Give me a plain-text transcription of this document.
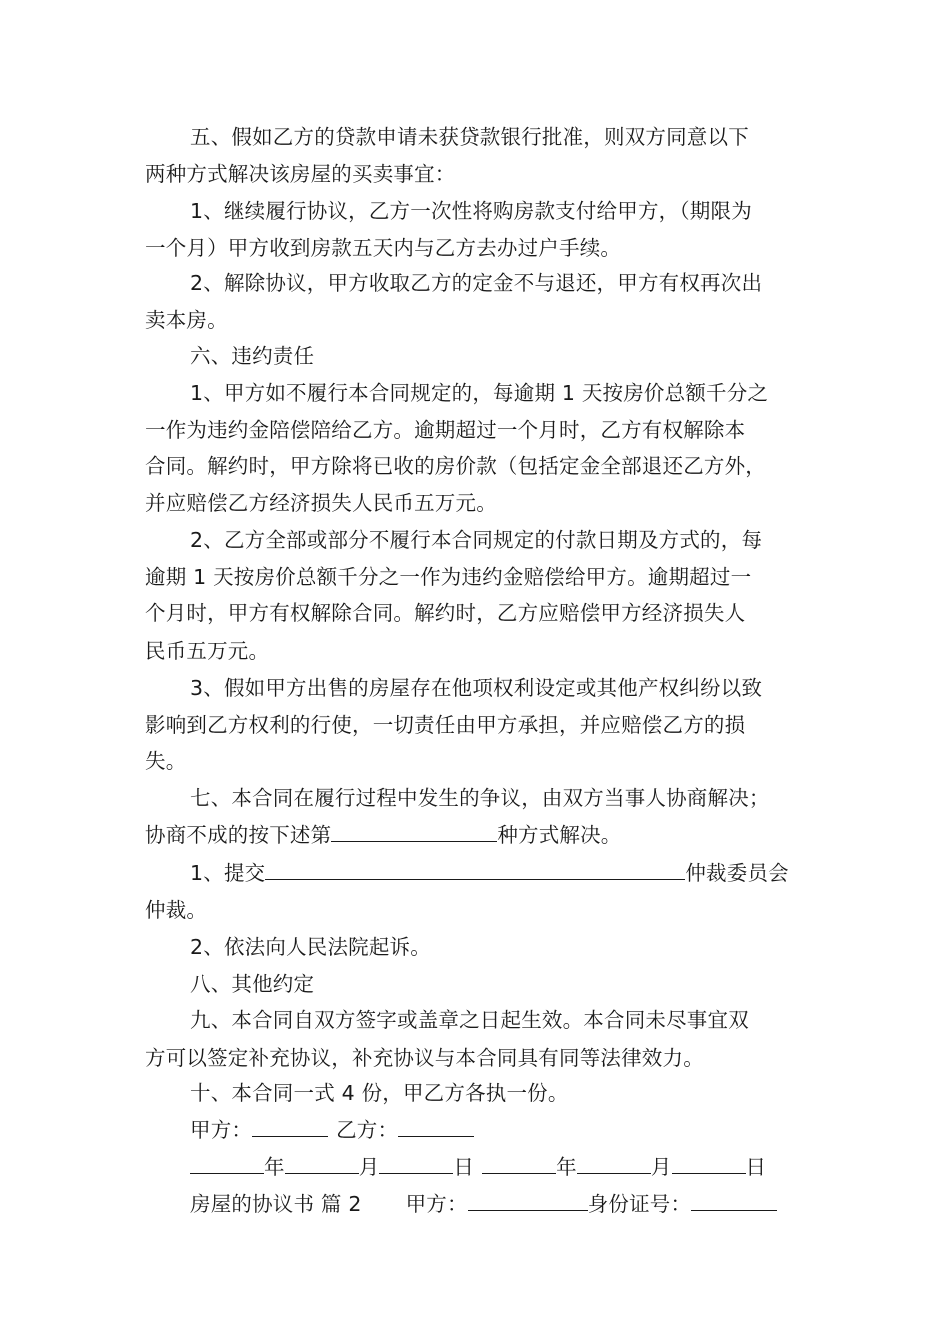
五、假如乙方的贷款申请未获贷款银行批准，则双方同意以下
两种方式解决该房屋的买卖事宜：
1、继续履行协议，乙方一次性将购房款支付给甲方，（期限为
一个月）甲方收到房款五天内与乙方去办过户手续。
2、解除协议，甲方收取乙方的定金不与退还，甲方有权再次出
卖本房。
六、违约责任
1、甲方如不履行本合同规定的，每逾期 1 天按房价总额千分之
一作为违约金陪偿陪给乙方。逾期超过一个月时，乙方有权解除本
合同。解约时，甲方除将已收的房价款（包括定金全部退还乙方外，
并应赔偿乙方经济损失人民币五万元。
2、乙方全部或部分不履行本合同规定的付款日期及方式的，每
逾期 1 天按房价总额千分之一作为违约金赔偿给甲方。逾期超过一
个月时，甲方有权解除合同。解约时，乙方应赔偿甲方经济损失人
民币五万元。
3、假如甲方出售的房屋存在他项权利设定或其他产权纠纷以致
影响到乙方权利的行使，一切责任由甲方承担，并应赔偿乙方的损
失。
七、本合同在履行过程中发生的争议，由双方当事人协商解决；
协商不成的按下述第	种方式解决。
1、提交	仲裁委员会
仲裁。
2、依法向人民法院起诉。
八、其他约定
九、本合同自双方签字或盖章之日起生效。本合同未尽事宜双
方可以签定补充协议，补充协议与本合同具有同等法律效力。
十、本合同一式 4 份，甲乙方各执一份。
甲方：	乙方：
年	月	日	年	月	日
房屋的协议书 篇 2 甲方：	身份证号：
